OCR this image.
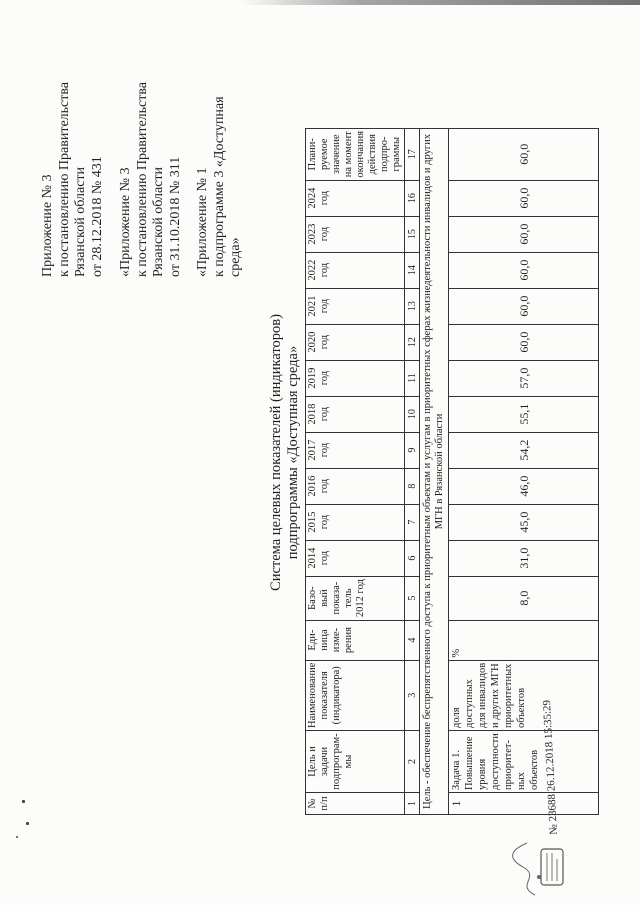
Приложение № 3 к постановлению Правительства Рязанской области от 28.12.2018 № 431 «Приложение № 3 к постановлению Правительства Рязанской области от 31.10.2018 № 311 «Приложение № 1 к подпрограмме 3 «Доступная среда»
Система целевых показателей (индикаторов) подпрограммы «Доступная среда»
№ п/п	Цель и задачи подпрограм-мы	Наименование показателя (индикатора)	Еди-ница изме-рения	Базо-вый показа-тель 2012 год	2014 год	2015 год	2016 год	2017 год	2018 год	2019 год	2020 год	2021 год	2022 год	2023 год	2024 год	Плани-руемое значение на момент окончания действия подпро-граммы
1	2	3	4	5	6	7	8	9	10	11	12	13	14	15	16	17
Цель - обеспечение беспрепятственного доступа к приоритетным объектам и услугам в приоритетных сферах жизнедеятельности инвалидов и других МГН в Рязанской области																
1	Задача 1. Повышение уровня доступности приоритет-ных объектов	доля доступных для инвалидов и других МГН приоритетных объектов	%	8,0	31,0	45,0	46,0	54,2	55,1	57,0	60,0	60,0	60,0	60,0	60,0	60,0
№ 23688 26.12.2018 15:35:29
